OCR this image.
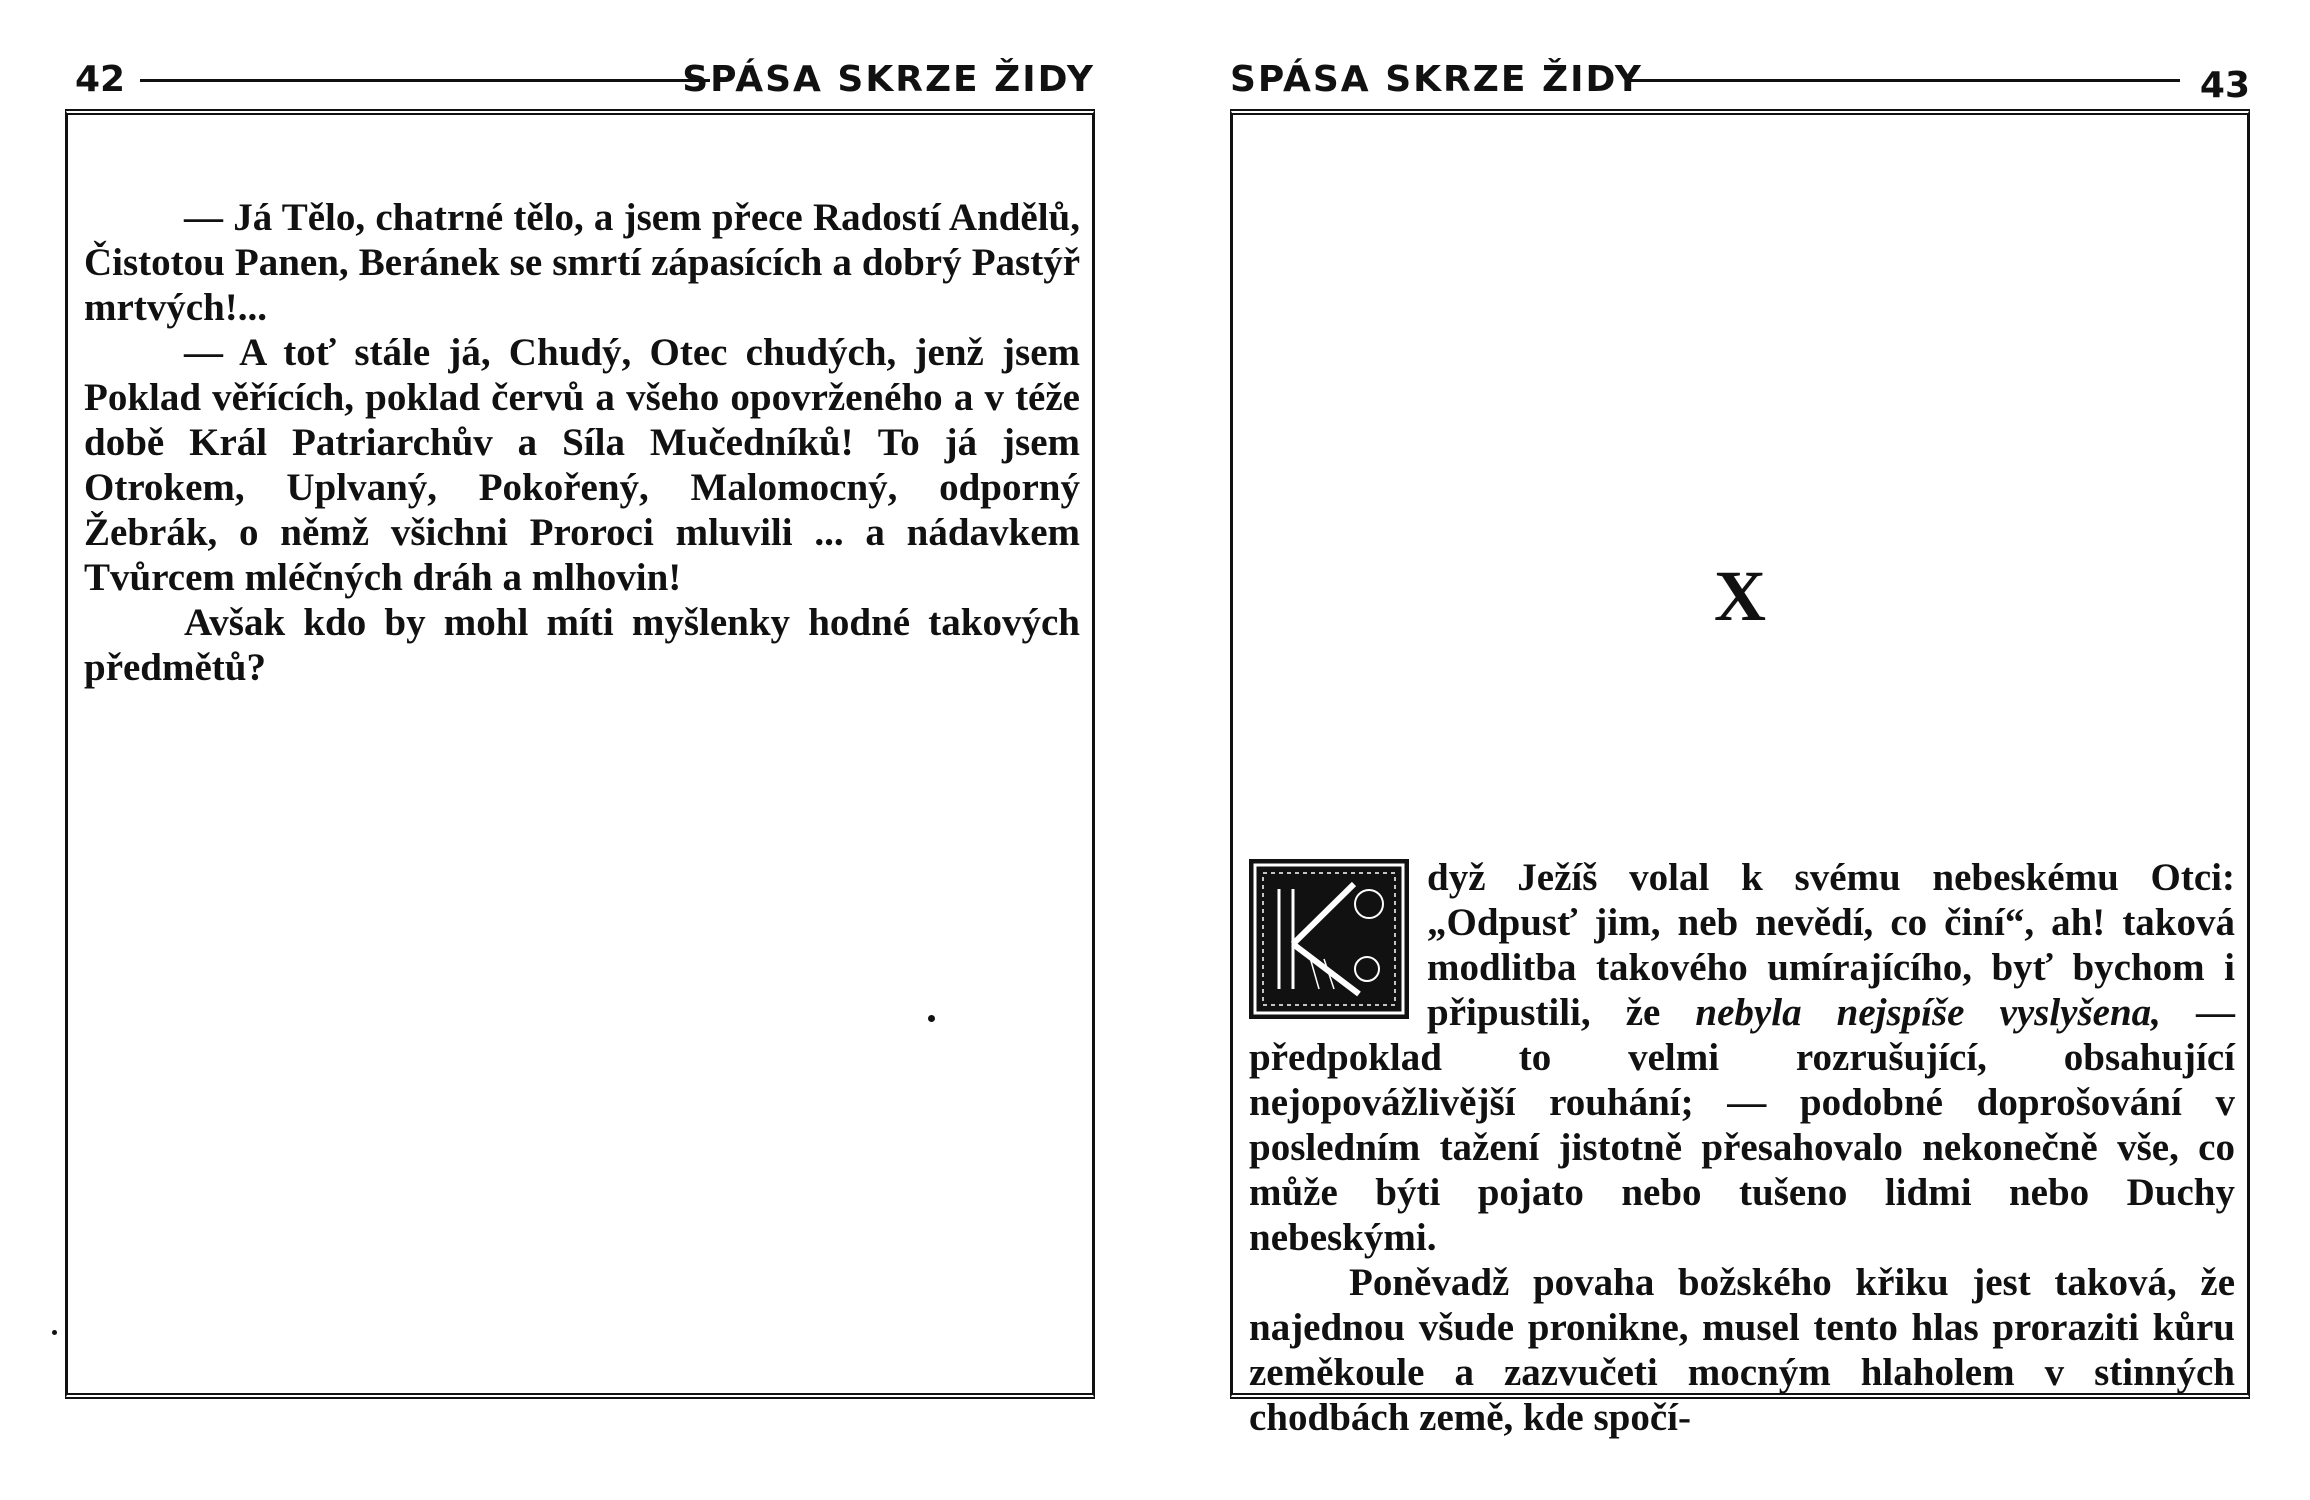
42	SPÁSA SKRZE ŽIDY

— Já Tělo, chatrné tělo, a jsem přece Radostí Andělů, Čistotou Panen, Beránek se smrtí zápasících a dobrý Pastýř mrtvých!...

— A toť stále já, Chudý, Otec chudých, jenž jsem Poklad věřících, poklad červů a všeho opovrženého a v téže době Král Patriarchův a Síla Mučedníků! To já jsem Otrokem, Uplvaný, Pokořený, Malomocný, odporný Žebrák, o němž všichni Proroci mluvili ... a nádavkem Tvůrcem mléčných dráh a mlhovin!

Avšak kdo by mohl míti myšlenky hodné takových předmětů?

SPÁSA SKRZE ŽIDY	43
X

dyž Ježíš volal k svému nebeskému Otci: „Odpusť jim, neb nevědí, co činí“, ah! taková modlitba takového umírajícího, byť bychom i připustili, že nebyla nejspíše vyslyšena, — předpoklad to velmi rozrušující, obsahující nejopovážlivější rouhání; — podobné doprošování v posledním tažení jistotně přesahovalo nekonečně vše, co může býti pojato nebo tušeno lidmi nebo Duchy nebeskými.

Poněvadž povaha božského křiku jest taková, že najednou všude pronikne, musel tento hlas proraziti kůru zeměkoule a zazvučeti mocným hlaholem v stinných chodbách země, kde spočí-
